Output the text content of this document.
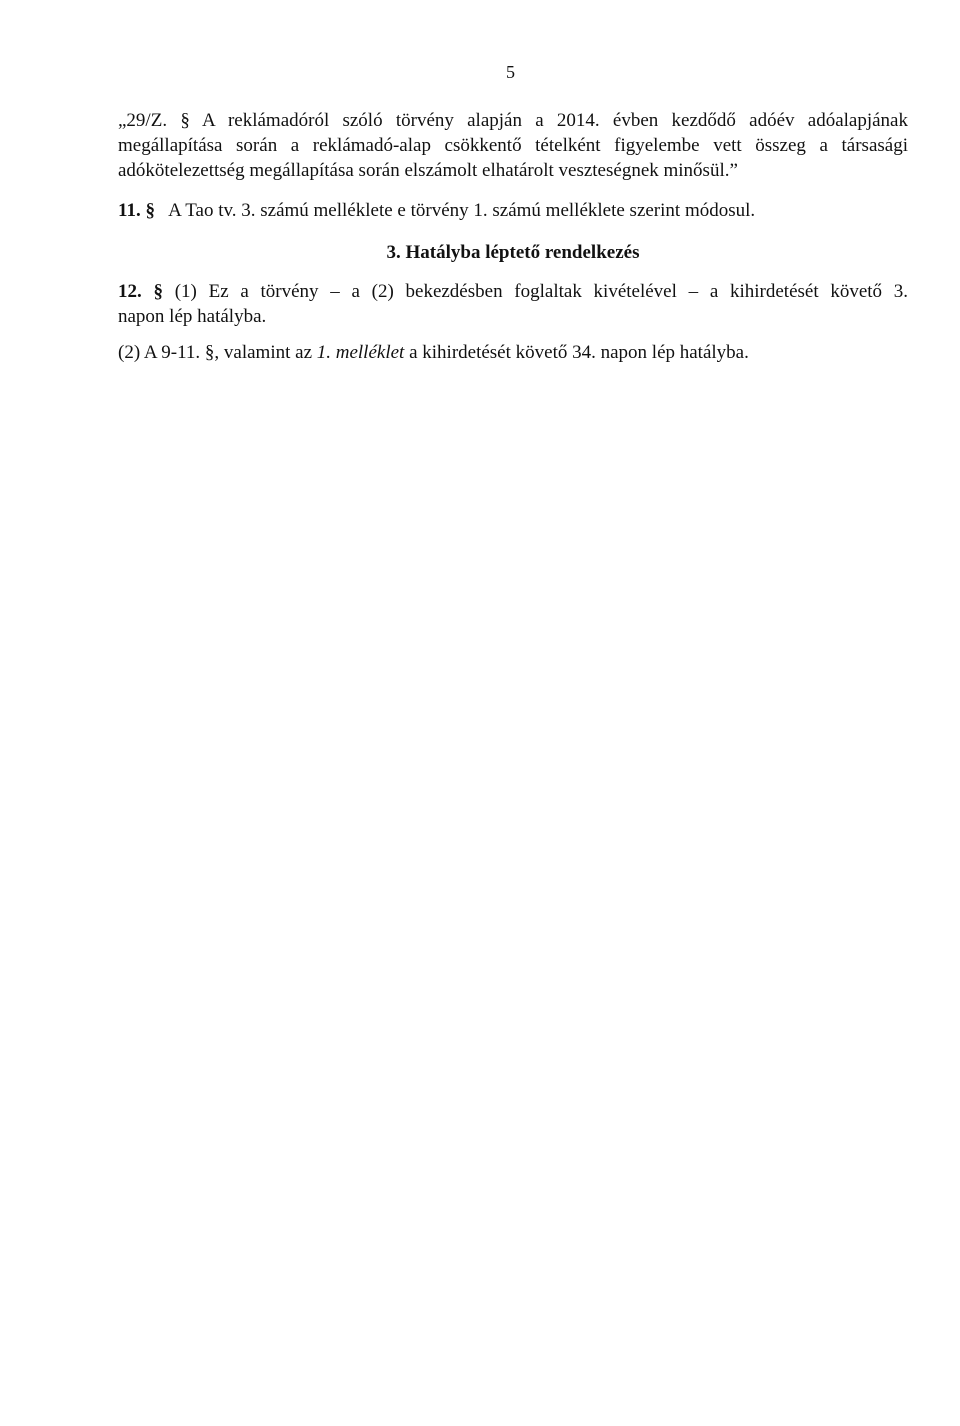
5
„29/Z. § A reklámadóról szóló törvény alapján a 2014. évben kezdődő adóév adóalapjának
megállapítása során a reklámadó-alap csökkentő tételként figyelembe vett összeg a társasági
adókötelezettség megállapítása során elszámolt elhatárolt veszteségnek minősül.”
11. § A Tao tv. 3. számú melléklete e törvény 1. számú melléklete szerint módosul.
3. Hatályba léptető rendelkezés
12. § (1) Ez a törvény – a (2) bekezdésben foglaltak kivételével – a kihirdetését követő 3.
napon lép hatályba.
(2) A 9-11. §, valamint az 1. melléklet a kihirdetését követő 34. napon lép hatályba.
